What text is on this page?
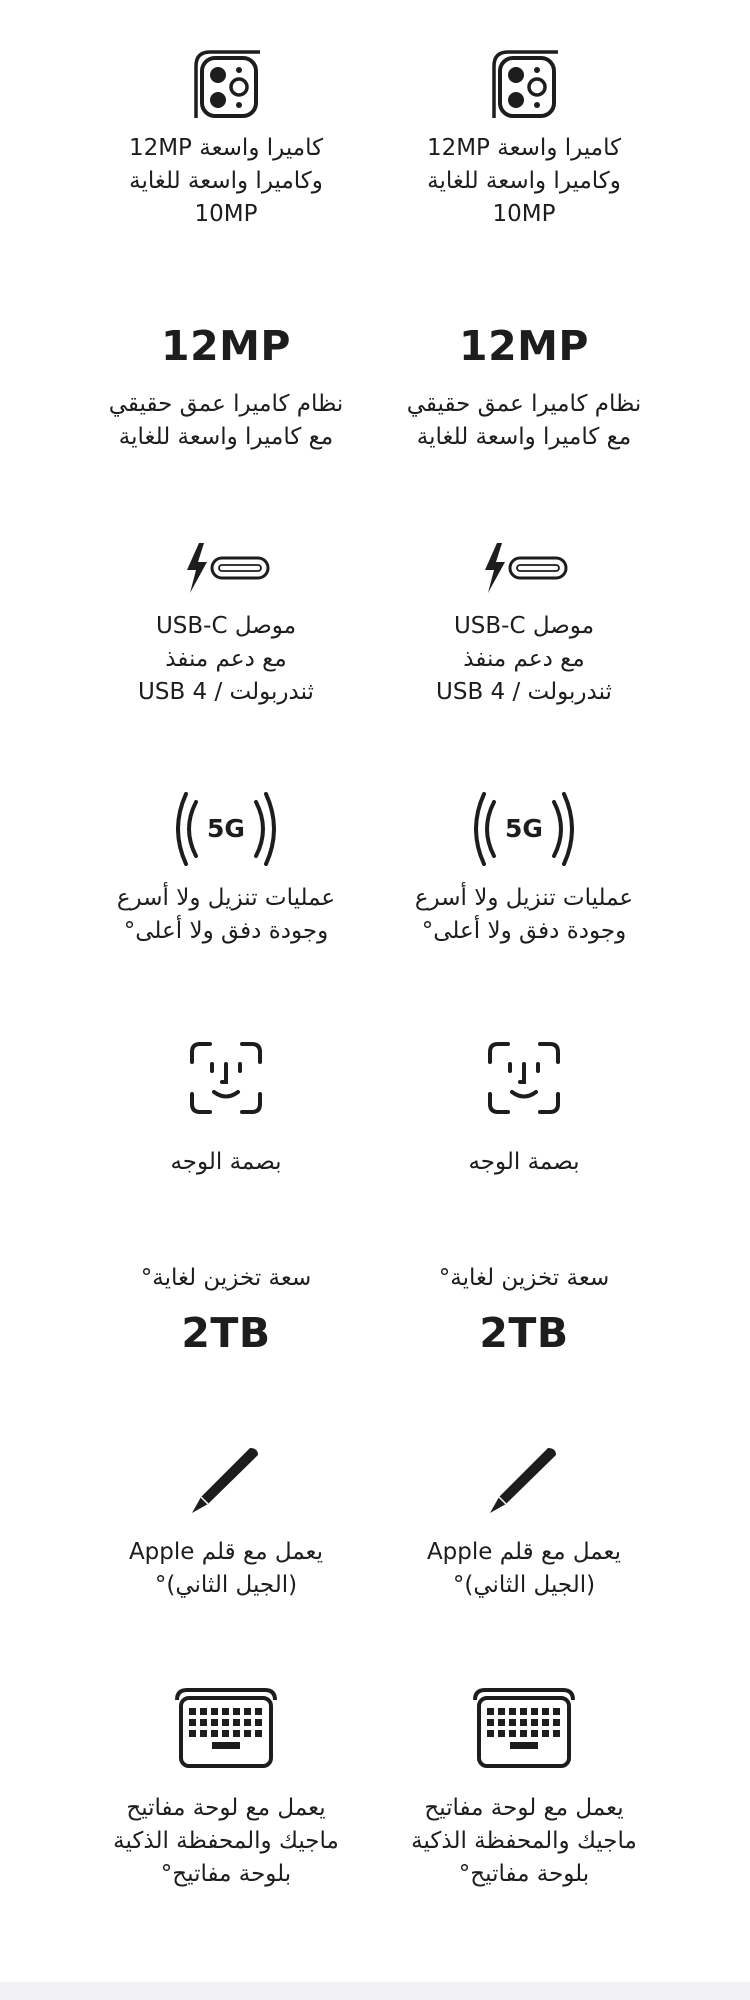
كاميرا واسعة 12MP
وكاميرا واسعة للغاية
10MP
12MP
نظام كاميرا عمق حقيقي
مع كاميرا واسعة للغاية
موصل USB-C
مع دعم منفذ
ثندربولت / USB 4
5G
عمليات تنزيل ولا أسرع
وجودة دفق ولا أعلى°
بصمة الوجه
سعة تخزين لغاية°
2TB
يعمل مع قلم Apple
(الجيل الثاني)°
يعمل مع لوحة مفاتيح
ماجيك والمحفظة الذكية
بلوحة مفاتيح°
كاميرا واسعة 12MP
وكاميرا واسعة للغاية
10MP
12MP
نظام كاميرا عمق حقيقي
مع كاميرا واسعة للغاية
موصل USB-C
مع دعم منفذ
ثندربولت / USB 4
5G
عمليات تنزيل ولا أسرع
وجودة دفق ولا أعلى°
بصمة الوجه
سعة تخزين لغاية°
2TB
يعمل مع قلم Apple
(الجيل الثاني)°
يعمل مع لوحة مفاتيح
ماجيك والمحفظة الذكية
بلوحة مفاتيح°
